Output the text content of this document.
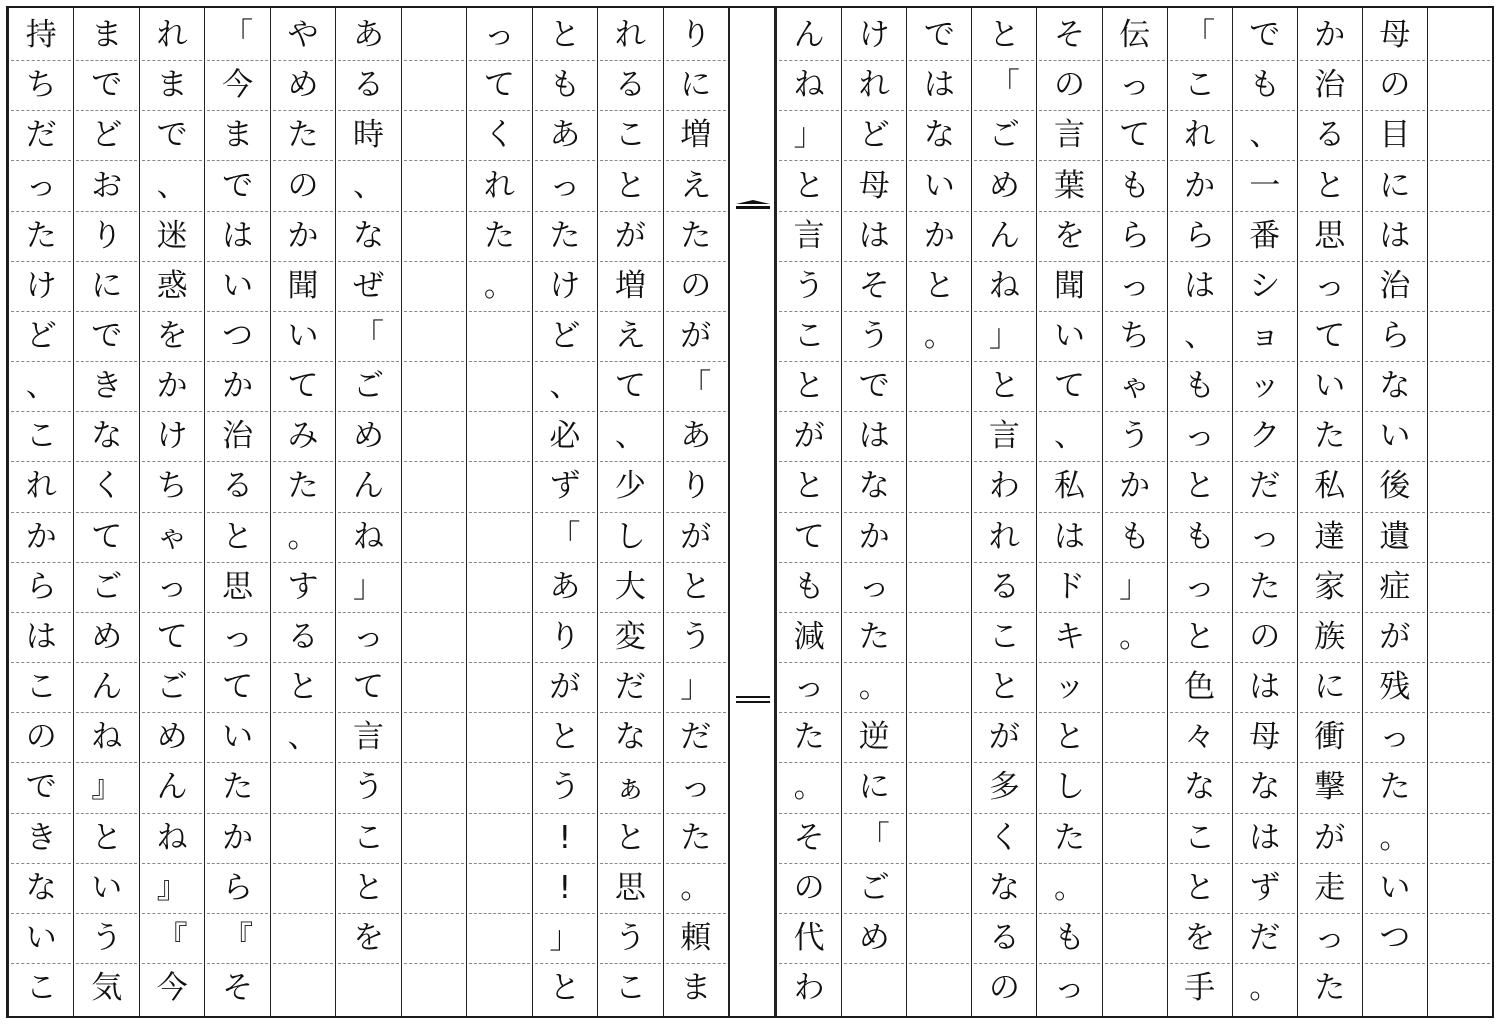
母
の
目
に
は
治
ら
な
い
後
遺
症
が
残
っ
た
。
い
つ
か
治
る
と
思
っ
て
い
た
私
達
家
族
に
衝
撃
が
走
っ
た
で
も
、
一
番
シ
ョ
ッ
ク
だ
っ
た
の
は
母
な
は
ず
だ
。
「
こ
れ
か
ら
は
、
も
っ
と
も
っ
と
色
々
な
こ
と
を
手
伝
っ
て
も
ら
っ
ち
ゃ
う
か
も
」
。
そ
の
言
葉
を
聞
い
て
、
私
は
ド
キ
ッ
と
し
た
。
も
っ
と
「
ご
め
ん
ね
」
と
言
わ
れ
る
こ
と
が
多
く
な
る
の
で
は
な
い
か
と
。
け
れ
ど
母
は
そ
う
で
は
な
か
っ
た
。
逆
に
「
ご
め
ん
ね
」
と
言
う
こ
と
が
と
て
も
減
っ
た
。
そ
の
代
わ
り
に
増
え
た
の
が
「
あ
り
が
と
う
」
だ
っ
た
。
頼
ま
れ
る
こ
と
が
増
え
て
、
少
し
大
変
だ
な
ぁ
と
思
う
こ
と
も
あ
っ
た
け
ど
、
必
ず
「
あ
り
が
と
う
!
!
」
と
っ
て
く
れ
た
。
あ
る
時
、
な
ぜ
「
ご
め
ん
ね
」
っ
て
言
う
こ
と
を
や
め
た
の
か
聞
い
て
み
た
。
す
る
と
、
「
今
ま
で
は
い
つ
か
治
る
と
思
っ
て
い
た
か
ら
『
そ
れ
ま
で
、
迷
惑
を
か
け
ち
ゃ
っ
て
ご
め
ん
ね
』
『
今
ま
で
ど
お
り
に
で
き
な
く
て
ご
め
ん
ね
』
と
い
う
気
持
ち
だ
っ
た
け
ど
、
こ
れ
か
ら
は
こ
の
で
き
な
い
こ
